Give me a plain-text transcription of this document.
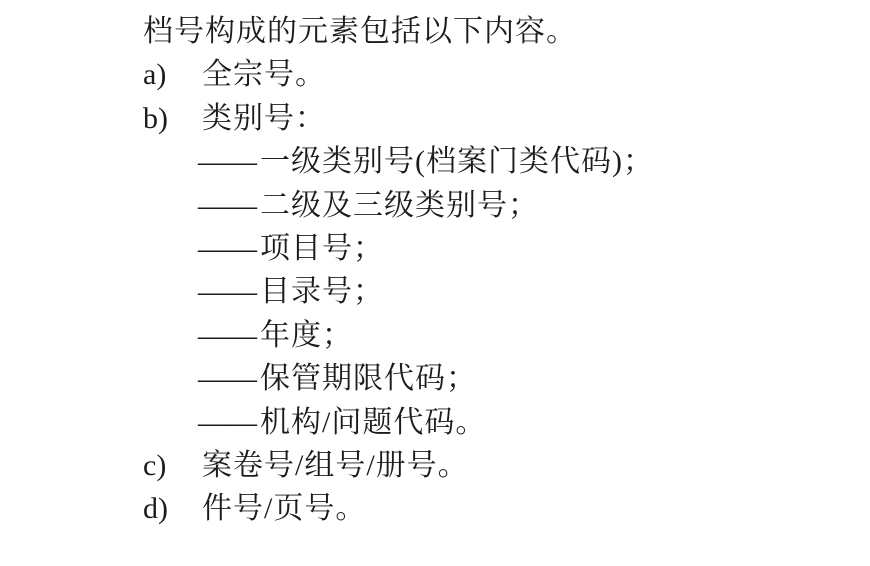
档号构成的元素包括以下内容。

a) 全宗号。
b) 类别号：
—— 一级类别号(档案门类代码)；
—— 二级及三级类别号；
—— 项目号；
—— 目录号；
—— 年度；
—— 保管期限代码；
—— 机构/问题代码。
c) 案卷号/组号/册号。
d) 件号/页号。
